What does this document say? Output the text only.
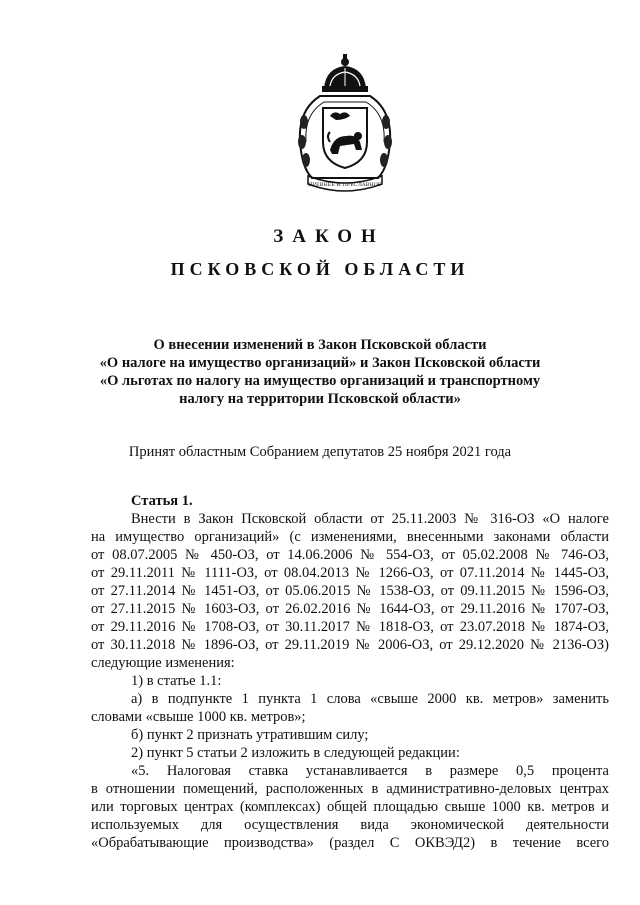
ДРЕВНЕЕ И ПРЕСЛАВНОЕ

ЗАКОН

ПСКОВСКОЙ ОБЛАСТИ

О внесении изменений в Закон Псковской области
«О налоге на имущество организаций» и Закон Псковской области
«О льготах по налогу на имущество организаций и транспортному
налогу на территории Псковской области»

Принят областным Собранием депутатов 25 ноября 2021 года

Статья 1.

Внести в Закон Псковской области от 25.11.2003 № 316-ОЗ «О налоге
на имущество организаций» (с изменениями, внесенными законами области
от 08.07.2005 № 450-ОЗ, от 14.06.2006 № 554-ОЗ, от 05.02.2008 № 746-ОЗ,
от 29.11.2011 № 1111-ОЗ, от 08.04.2013 № 1266-ОЗ, от 07.11.2014 № 1445-ОЗ,
от 27.11.2014 № 1451-ОЗ, от 05.06.2015 № 1538-ОЗ, от 09.11.2015 № 1596-ОЗ,
от 27.11.2015 № 1603-ОЗ, от 26.02.2016 № 1644-ОЗ, от 29.11.2016 № 1707-ОЗ,
от 29.11.2016 № 1708-ОЗ, от 30.11.2017 № 1818-ОЗ, от 23.07.2018 № 1874-ОЗ,
от 30.11.2018 № 1896-ОЗ, от 29.11.2019 № 2006-ОЗ, от 29.12.2020 № 2136-ОЗ)
следующие изменения:
1) в статье 1.1:
а) в подпункте 1 пункта 1 слова «свыше 2000 кв. метров» заменить
словами «свыше 1000 кв. метров»;
б) пункт 2 признать утратившим силу;
2) пункт 5 статьи 2 изложить в следующей редакции:
«5. Налоговая ставка устанавливается в размере 0,5 процента
в отношении помещений, расположенных в административно-деловых центрах
или торговых центрах (комплексах) общей площадью свыше 1000 кв. метров и
используемых для осуществления вида экономической деятельности
«Обрабатывающие производства» (раздел С ОКВЭД2) в течение всего
